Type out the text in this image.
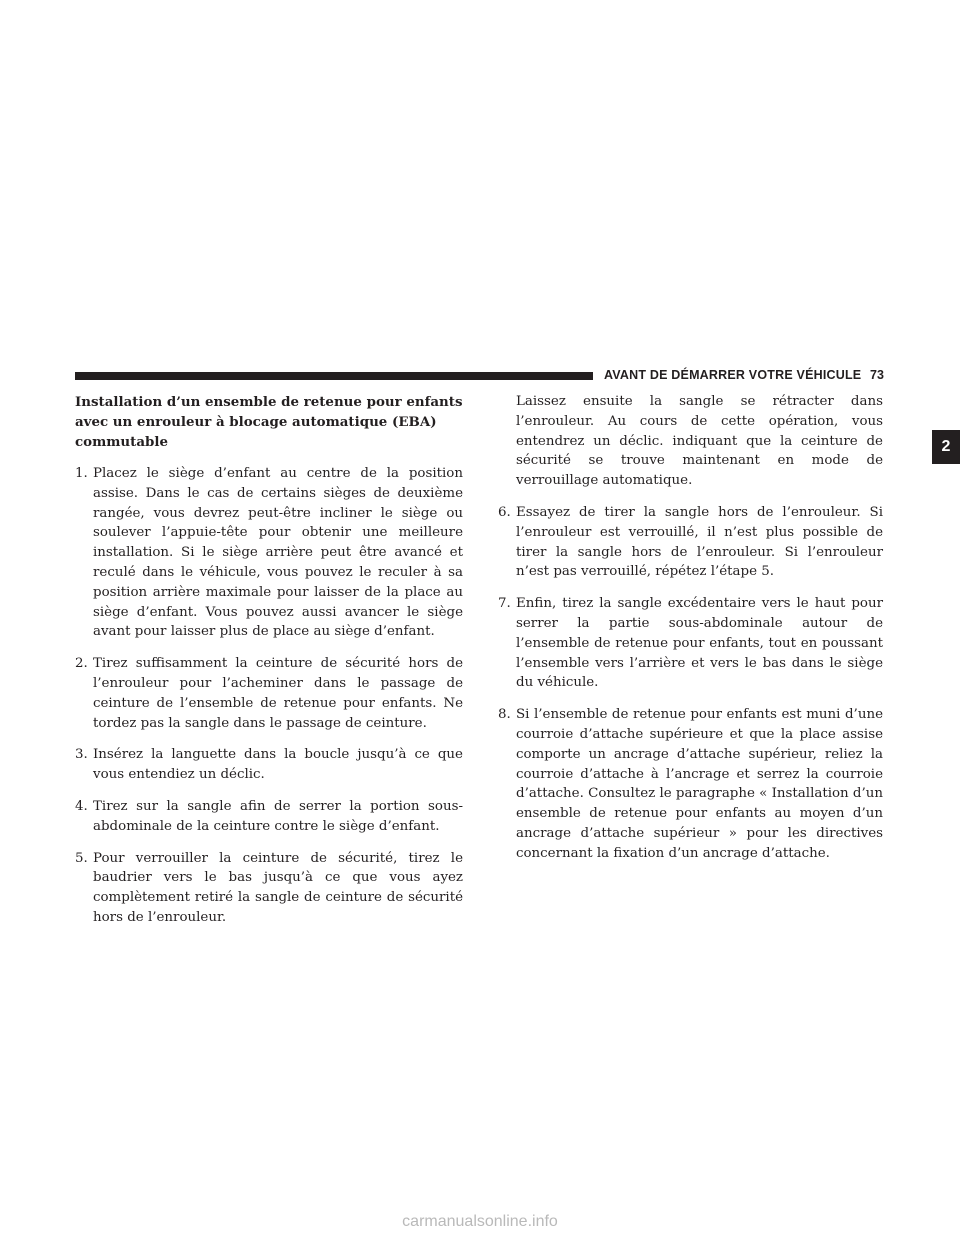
AVANT DE DÉMARRER VOTRE VÉHICULE 73
2
Installation d’un ensemble de retenue pour enfants avec un enrouleur à blocage automatique (EBA) commutable
1. Placez le siège d’enfant au centre de la position assise. Dans le cas de certains sièges de deuxième rangée, vous devrez peut-être incliner le siège ou soulever l’appuie-tête pour obtenir une meilleure installation. Si le siège arrière peut être avancé et reculé dans le véhicule, vous pouvez le reculer à sa position arrière maximale pour laisser de la place au siège d’enfant. Vous pouvez aussi avancer le siège avant pour laisser plus de place au siège d’enfant.
2. Tirez suffisamment la ceinture de sécurité hors de l’enrouleur pour l’acheminer dans le passage de ceinture de l’ensemble de retenue pour enfants. Ne tordez pas la sangle dans le passage de ceinture.
3. Insérez la languette dans la boucle jusqu’à ce que vous entendiez un déclic.
4. Tirez sur la sangle afin de serrer la portion sous-abdominale de la ceinture contre le siège d’enfant.
5. Pour verrouiller la ceinture de sécurité, tirez le baudrier vers le bas jusqu’à ce que vous ayez complètement retiré la sangle de ceinture de sécurité hors de l’enrouleur.
Laissez ensuite la sangle se rétracter dans l’enrouleur. Au cours de cette opération, vous entendrez un déclic. indiquant que la ceinture de sécurité se trouve maintenant en mode de verrouillage automatique.
6. Essayez de tirer la sangle hors de l’enrouleur. Si l’enrouleur est verrouillé, il n’est plus possible de tirer la sangle hors de l’enrouleur. Si l’enrouleur n’est pas verrouillé, répétez l’étape 5.
7. Enfin, tirez la sangle excédentaire vers le haut pour serrer la partie sous-abdominale autour de l’ensemble de retenue pour enfants, tout en poussant l’ensemble vers l’arrière et vers le bas dans le siège du véhicule.
8. Si l’ensemble de retenue pour enfants est muni d’une courroie d’attache supérieure et que la place assise comporte un ancrage d’attache supérieur, reliez la courroie d’attache à l’ancrage et serrez la courroie d’attache. Consultez le paragraphe « Installation d’un ensemble de retenue pour enfants au moyen d’un ancrage d’attache supérieur » pour les directives concernant la fixation d’un ancrage d’attache.
carmanualsonline.info
